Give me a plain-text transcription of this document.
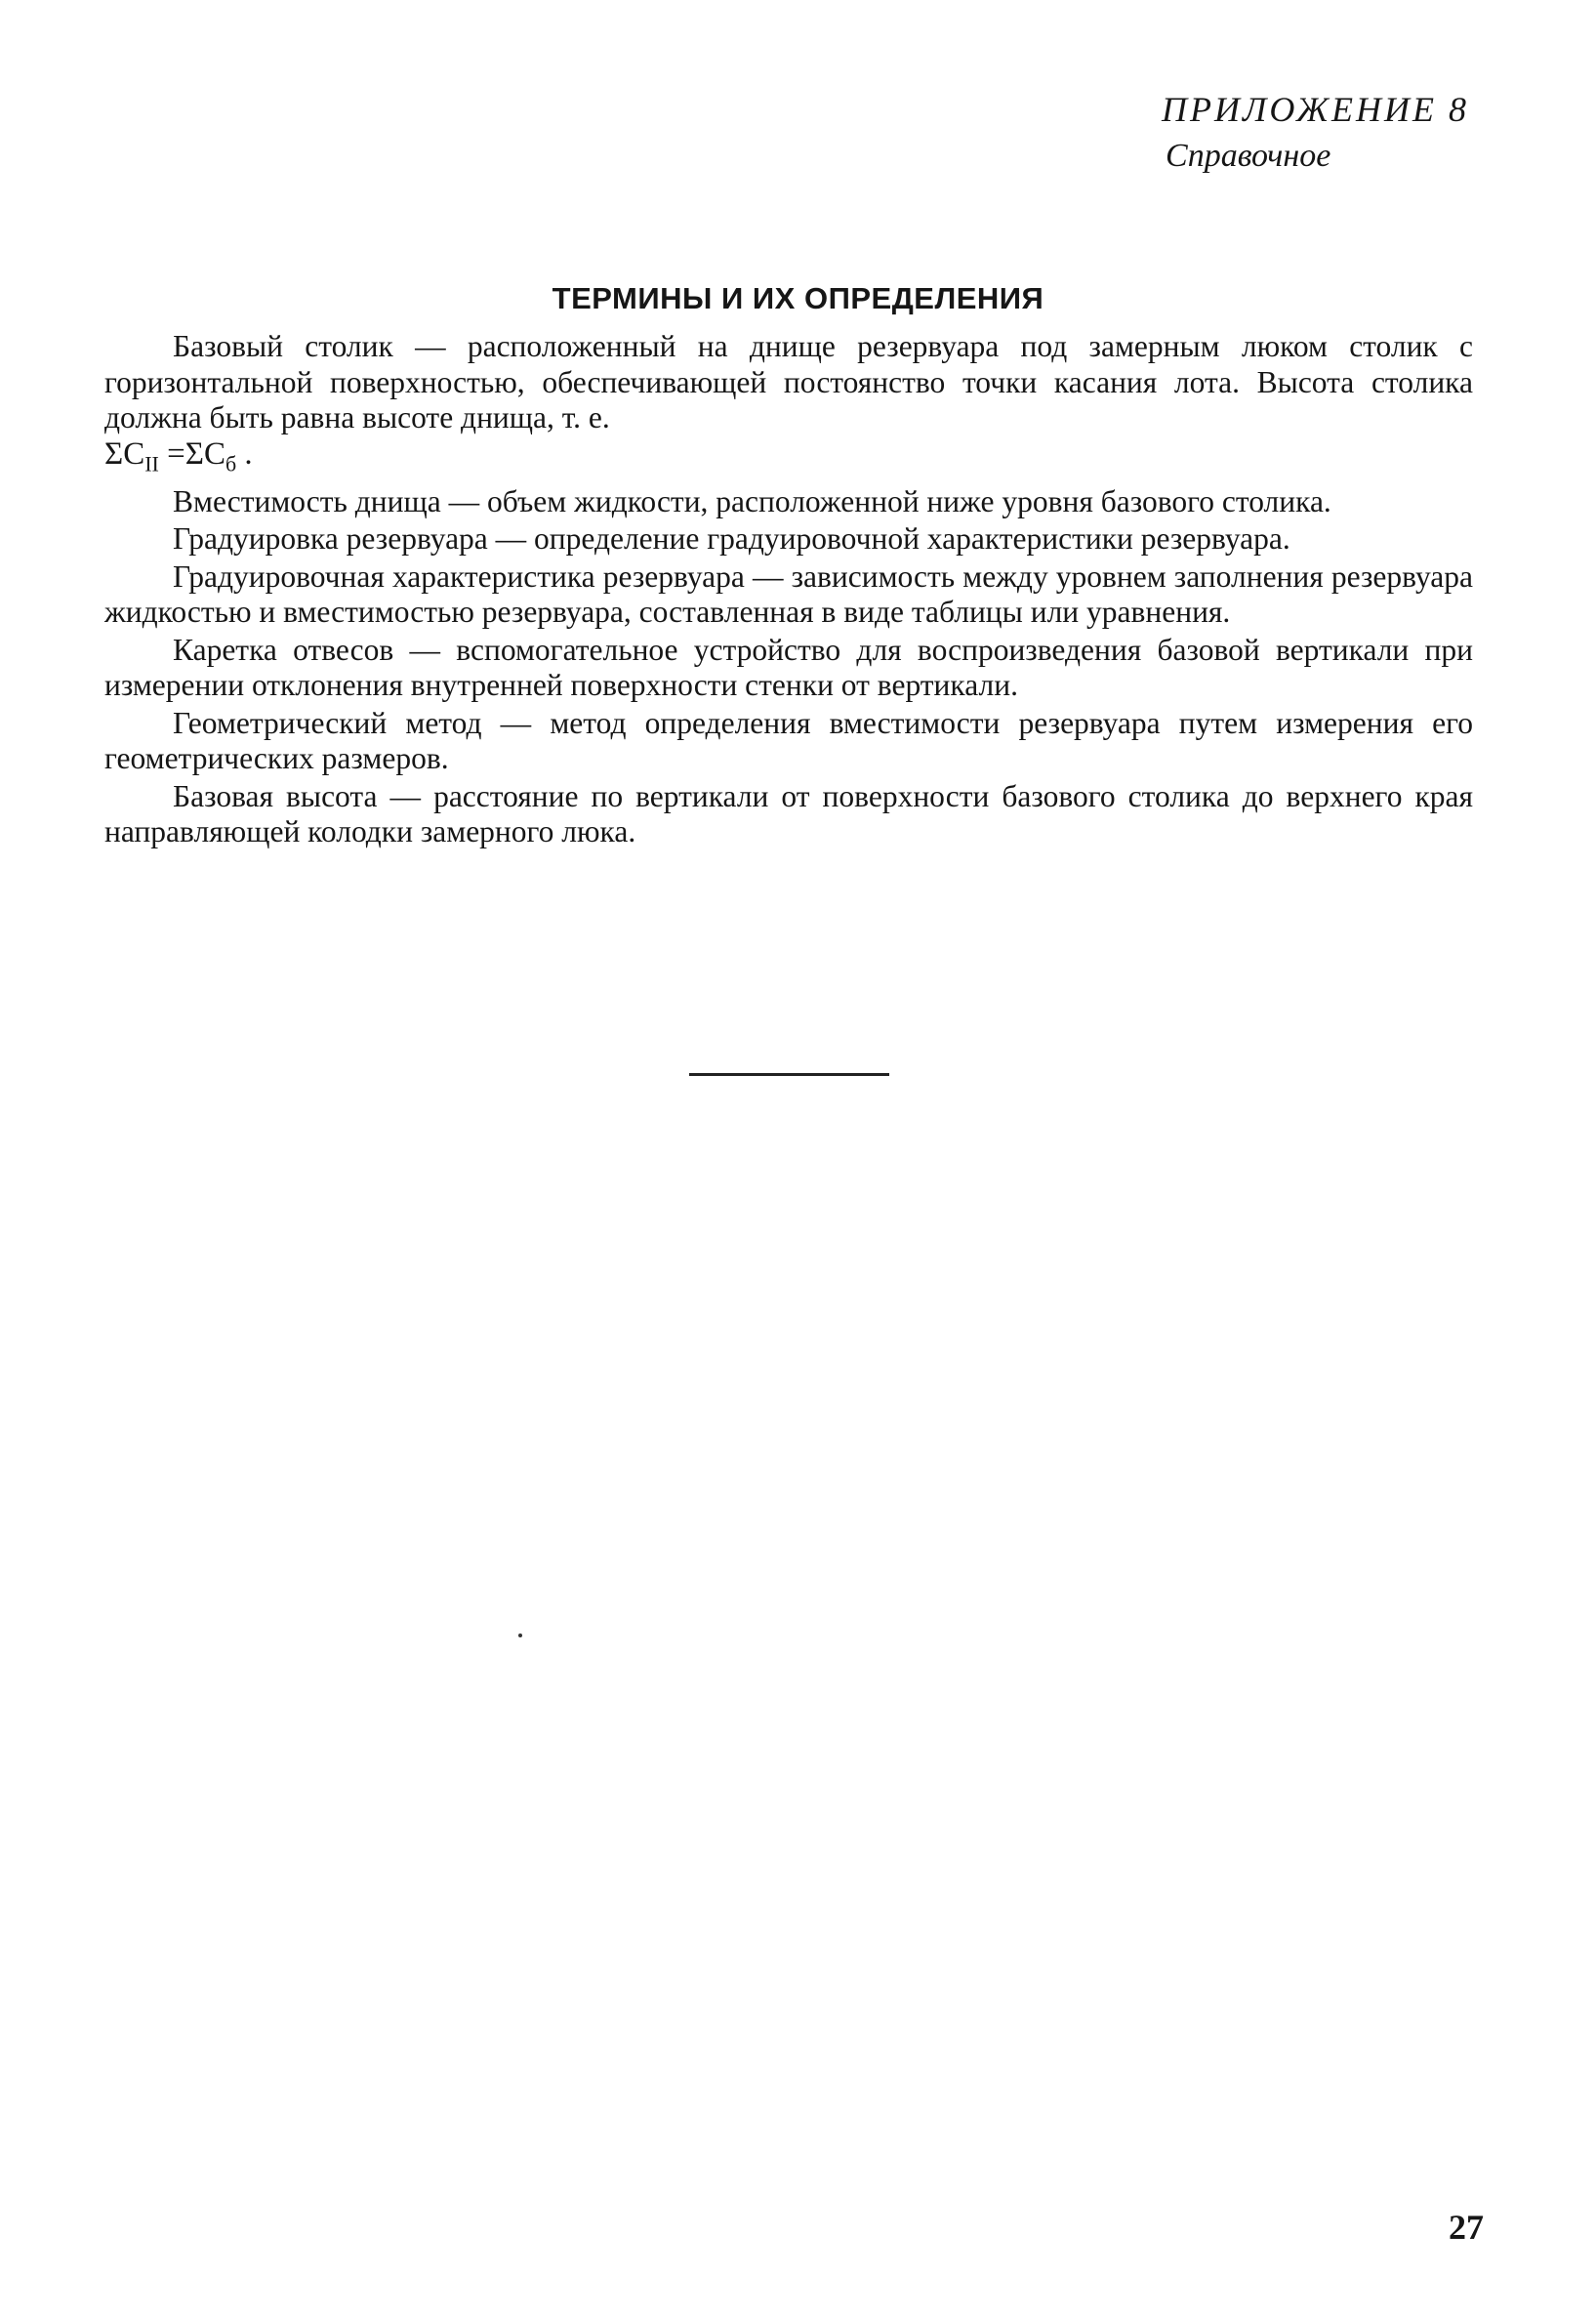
ПРИЛОЖЕНИЕ 8
Справочное
ТЕРМИНЫ И ИХ ОПРЕДЕЛЕНИЯ

Базовый столик — расположенный на днище резервуара под замерным люком столик с горизонтальной поверхностью, обеспечивающей постоянство точки касания лота. Высота столика должна быть равна высоте днища, т. е.
$\Sigma C_{II} =\Sigma C_б$ .

Вместимость днища — объем жидкости, расположенной ниже уровня базового столика.

Градуировка резервуара — определение градуировочной характеристики резервуара.

Градуировочная характеристика резервуара — зависимость между уровнем заполнения резервуара жидкостью и вместимостью резервуара, составленная в виде таблицы или уравнения.

Каретка отвесов — вспомогательное устройство для воспроизведения базовой вертикали при измерении отклонения внутренней поверхности стенки от вертикали.

Геометрический метод — метод определения вместимости резервуара путем измерения его геометрических размеров.

Базовая высота — расстояние по вертикали от поверхности базового столика до верхнего края направляющей колодки замерного люка.

27
